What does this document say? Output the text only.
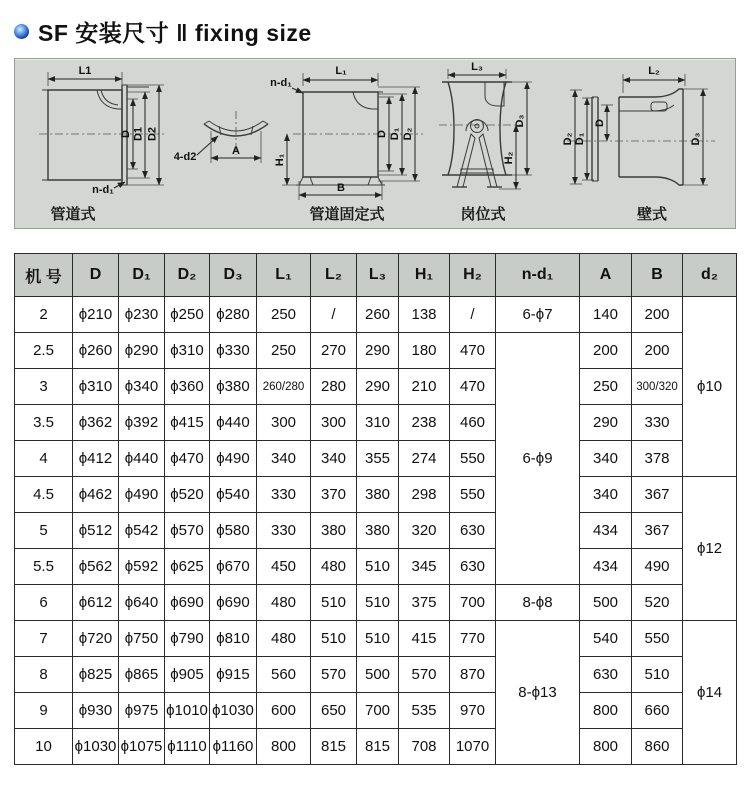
SF 安装尺寸 ‖ fixing size
L1
n-d₁
D D1 D2
4-d2	A
n-d₁
L₁
H₁
B
D D₁ D₂
L₃
D₃
H₂
L₂
D₂ D₁
D
D₃
管道式	管道固定式	岗位式	壁式
机 号	D	D₁	D₂	D₃	L₁	L₂	L₃	H₁	H₂	n-d₁	A	B	d₂
2	ϕ210	ϕ230	ϕ250	ϕ280	250	/	260	138	/	6-ϕ7	140	200	ϕ10
2.5	ϕ260	ϕ290	ϕ310	ϕ330	250	270	290	180	470	6-ϕ9	200	200	
3	ϕ310	ϕ340	ϕ360	ϕ380	260/280	280	290	210	470		250	300/320	
3.5	ϕ362	ϕ392	ϕ415	ϕ440	300	300	310	238	460		290	330	
4	ϕ412	ϕ440	ϕ470	ϕ490	340	340	355	274	550		340	378	
4.5	ϕ462	ϕ490	ϕ520	ϕ540	330	370	380	298	550		340	367	ϕ12
5	ϕ512	ϕ542	ϕ570	ϕ580	330	380	380	320	630		434	367	
5.5	ϕ562	ϕ592	ϕ625	ϕ670	450	480	510	345	630		434	490	
6	ϕ612	ϕ640	ϕ690	ϕ690	480	510	510	375	700	8-ϕ8	500	520	
7	ϕ720	ϕ750	ϕ790	ϕ810	480	510	510	415	770	8-ϕ13	540	550	ϕ14
8	ϕ825	ϕ865	ϕ905	ϕ915	560	570	500	570	870		630	510	
9	ϕ930	ϕ975	ϕ1010	ϕ1030	600	650	700	535	970		800	660	
10	ϕ1030	ϕ1075	ϕ1110	ϕ1160	800	815	815	708	1070		800	860	
